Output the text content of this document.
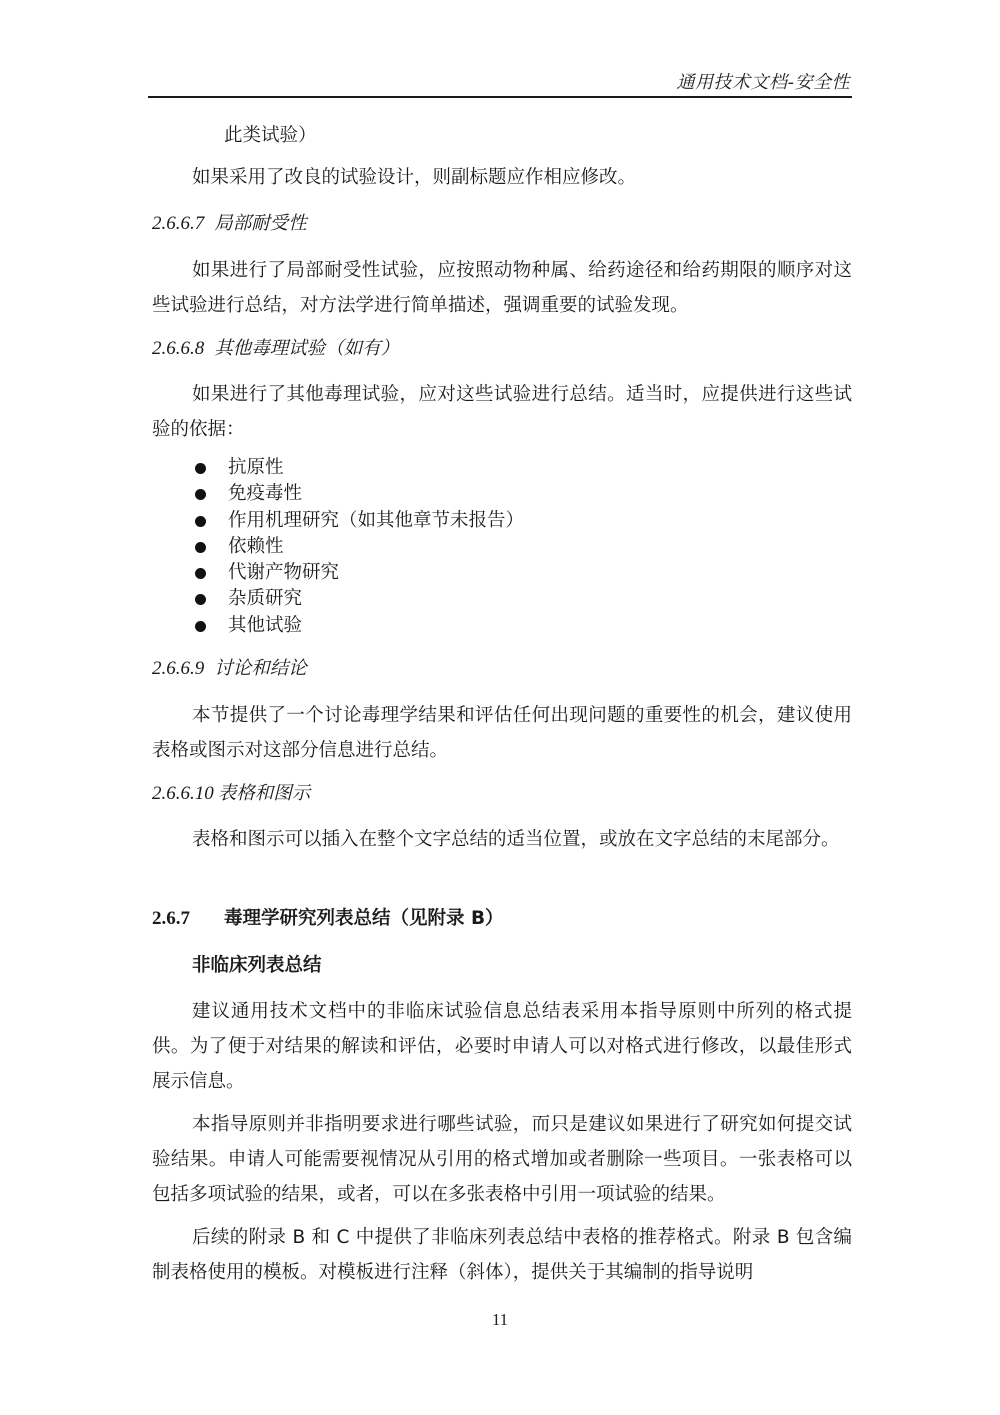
通用技术文档-安全性

此类试验）

如果采用了改良的试验设计，则副标题应作相应修改。

2.6.6.7 局部耐受性

如果进行了局部耐受性试验，应按照动物种属、给药途径和给药期限的顺序对这些试验进行总结，对方法学进行简单描述，强调重要的试验发现。

2.6.6.8 其他毒理试验（如有）

如果进行了其他毒理试验，应对这些试验进行总结。适当时，应提供进行这些试验的依据：

抗原性
免疫毒性
作用机理研究（如其他章节未报告）
依赖性
代谢产物研究
杂质研究
其他试验
2.6.6.9 讨论和结论

本节提供了一个讨论毒理学结果和评估任何出现问题的重要性的机会，建议使用表格或图示对这部分信息进行总结。

2.6.6.10 表格和图示

表格和图示可以插入在整个文字总结的适当位置，或放在文字总结的末尾部分。

2.6.7 毒理学研究列表总结（见附录 B）
非临床列表总结

建议通用技术文档中的非临床试验信息总结表采用本指导原则中所列的格式提供。为了便于对结果的解读和评估，必要时申请人可以对格式进行修改，以最佳形式展示信息。

本指导原则并非指明要求进行哪些试验，而只是建议如果进行了研究如何提交试验结果。申请人可能需要视情况从引用的格式增加或者删除一些项目。一张表格可以包括多项试验的结果，或者，可以在多张表格中引用一项试验的结果。

后续的附录 B 和 C 中提供了非临床列表总结中表格的推荐格式。附录 B 包含编制表格使用的模板。对模板进行注释（斜体），提供关于其编制的指导说明

11
